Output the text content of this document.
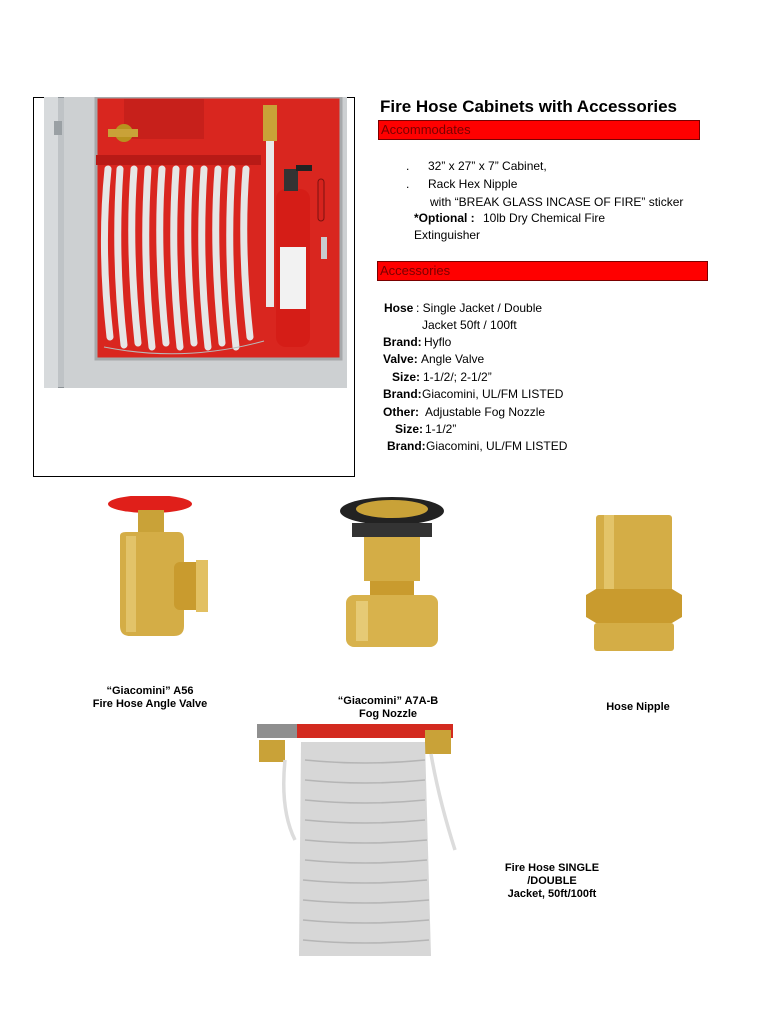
Fire Hose Cabinets with Accessories
Accommodates
. 32” x 27” x 7” Cabinet,
. Rack Hex Nipple
with “BREAK GLASS INCASE OF FIRE” sticker
*Optional : 10lb Dry Chemical Fire
Extinguisher
Accessories
Hose : Single Jacket / Double
Jacket 50ft / 100ft
Brand: Hyflo
Valve: Angle Valve
Size: 1-1/2/; 2-1/2”
Brand: Giacomini, UL/FM LISTED
Other: Adjustable Fog Nozzle
Size: 1-1/2”
Brand: Giacomini, UL/FM LISTED
“Giacomini” A56
Fire Hose Angle Valve	“Giacomini” A7A-B
Fog Nozzle
Hose Nipple
Fire Hose SINGLE
/DOUBLE
Jacket, 50ft/100ft
